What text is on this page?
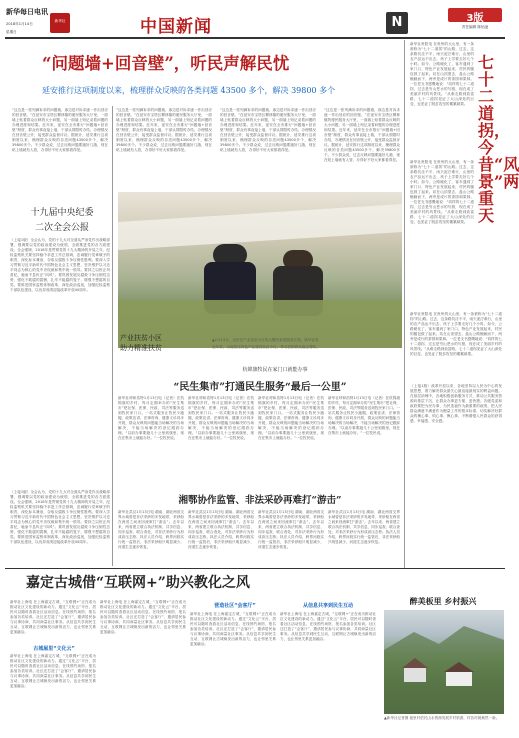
新华每日电讯
2018年1月14日
星期日
新华社	中国新闻	N	3版
责任编辑 陈怡凌
“问题墙+回音壁”，听民声解民忧
延安推行这项制度以来，梳理群众反映的各类问题 43500 多个，解决 39800 多个
“这边是一张列满诉求的问题墙，那边是对诉求逐一作出回应的回音壁。”在延安市宝塔区柳林镇的便民服务大厅里，一面墙上贴着群众反映的大小问题，另一面墙上则记录着问题的办理进度和结果。近年来，延安在全市推行“问题墙+回音壁”制度，群众有事直接上墙，干部认领限时办结，办理情况在回音壁公开，接受群众监督评议。据统计，延安推行这项制度以来，梳理群众反映的各类问题43500多个，解决39800多个。不少群众说，过去反映问题要跑好几趟，现在贴上墙就有人管，办得好不好大家都看得见。
“这边是一张列满诉求的问题墙，那边是对诉求逐一作出回应的回音壁。”在延安市宝塔区柳林镇的便民服务大厅里，一面墙上贴着群众反映的大小问题，另一面墙上则记录着问题的办理进度和结果。近年来，延安在全市推行“问题墙+回音壁”制度，群众有事直接上墙，干部认领限时办结，办理情况在回音壁公开，接受群众监督评议。据统计，延安推行这项制度以来，梳理群众反映的各类问题43500多个，解决39800多个。不少群众说，过去反映问题要跑好几趟，现在贴上墙就有人管，办得好不好大家都看得见。
“这边是一张列满诉求的问题墙，那边是对诉求逐一作出回应的回音壁。”在延安市宝塔区柳林镇的便民服务大厅里，一面墙上贴着群众反映的大小问题，另一面墙上则记录着问题的办理进度和结果。近年来，延安在全市推行“问题墙+回音壁”制度，群众有事直接上墙，干部认领限时办结，办理情况在回音壁公开，接受群众监督评议。据统计，延安推行这项制度以来，梳理群众反映的各类问题43500多个，解决39800多个。不少群众说，过去反映问题要跑好几趟，现在贴上墙就有人管，办得好不好大家都看得见。
“这边是一张列满诉求的问题墙，那边是对诉求逐一作出回应的回音壁。”在延安市宝塔区柳林镇的便民服务大厅里，一面墙上贴着群众反映的大小问题，另一面墙上则记录着问题的办理进度和结果。近年来，延安在全市推行“问题墙+回音壁”制度，群众有事直接上墙，干部认领限时办结，办理情况在回音壁公开，接受群众监督评议。据统计，延安推行这项制度以来，梳理群众反映的各类问题43500多个，解决39800多个。不少群众说，过去反映问题要跑好几趟，现在贴上墙就有人管，办得好不好大家都看得见。
十九届中央纪委
二次全会公报
（上接1版）全会认为，党的十九大对全面从严治党作出战略部署，强调要以党的政治建设为统领，全面推进党的各方面建设。全会强调，2018年是贯彻党的十九大精神的开局之年，纪检监察机关要坚持稳中求进工作总基调，忠诚履行党章赋予的职责，深化标本兼治，夺取反腐败斗争压倒性胜利。要深入学习贯彻习近平新时代中国特色社会主义思想，坚决维护以习近平同志为核心的党中央权威和集中统一领导。要持之以恒正风肃纪，驰而不息纠正“四风”。要巩固发展反腐败斗争压倒性态势，强化不敢腐的震慑，扎牢不能腐的笼子，增强不想腐的自觉。要推进国家监察体制改革，深化政治巡视，加强纪检监察干部队伍建设，以优异成绩迎接改革开放40周年。
（上接1版）全会认为，党的十九大对全面从严治党作出战略部署，强调要以党的政治建设为统领，全面推进党的各方面建设。全会强调，2018年是贯彻党的十九大精神的开局之年，纪检监察机关要坚持稳中求进工作总基调，忠诚履行党章赋予的职责，深化标本兼治，夺取反腐败斗争压倒性胜利。要深入学习贯彻习近平新时代中国特色社会主义思想，坚决维护以习近平同志为核心的党中央权威和集中统一领导。要持之以恒正风肃纪，驰而不息纠正“四风”。要巩固发展反腐败斗争压倒性态势，强化不敢腐的震慑，扎牢不能腐的笼子，增强不想腐的自觉。要推进国家监察体制改革，深化政治巡视，加强纪检监察干部队伍建设，以优异成绩迎接改革开放40周年。
产业扶贫小区
助力精准扶贫
▲1月13日，农民在产业扶贫小区的大棚内查看蔬菜长势。新华社发
近年来，当地依托特色产业建设扶贫小区，带动贫困群众稳定增收。
杭锦旗牧民在家门口就能办事
“民生集市”打通民生服务“最后一公里”
新华社呼和浩特1月13日电（记者）在杭锦旗的乡村，每月定期举办的“民生集市”把社保、医保、民政、司法等服务送到牧民家门口。一站式服务让牧民少跑腿，政策宣讲、法律咨询、健康义诊同步开展，群众反映的问题能当场解决的当场解决，不能当场解决的登记跟踪办理。“以前办事要跑几十公里到旗里，现在在集市上就能办好。”一位牧民说。
新华社呼和浩特1月13日电（记者）在杭锦旗的乡村，每月定期举办的“民生集市”把社保、医保、民政、司法等服务送到牧民家门口。一站式服务让牧民少跑腿，政策宣讲、法律咨询、健康义诊同步开展，群众反映的问题能当场解决的当场解决，不能当场解决的登记跟踪办理。“以前办事要跑几十公里到旗里，现在在集市上就能办好。”一位牧民说。
新华社呼和浩特1月13日电（记者）在杭锦旗的乡村，每月定期举办的“民生集市”把社保、医保、民政、司法等服务送到牧民家门口。一站式服务让牧民少跑腿，政策宣讲、法律咨询、健康义诊同步开展，群众反映的问题能当场解决的当场解决，不能当场解决的登记跟踪办理。“以前办事要跑几十公里到旗里，现在在集市上就能办好。”一位牧民说。
新华社呼和浩特1月13日电（记者）在杭锦旗的乡村，每月定期举办的“民生集市”把社保、医保、民政、司法等服务送到牧民家门口。一站式服务让牧民少跑腿，政策宣讲、法律咨询、健康义诊同步开展，群众反映的问题能当场解决的当场解决，不能当场解决的登记跟踪办理。“以前办事要跑几十公里到旗里，现在在集市上就能办好。”一位牧民说。
湘鄂协作监管、非法采砂再难打“游击”
新华社武汉1月13日电 湖南、湖北两省交界水域曾是非法采砂的多发地带，采砂船在两省之间来回流窜打“游击”。去年以来，两省建立联合执法机制，共享信息、同步巡查、联合查处，对非法采砂行为形成高压态势。执法人员介绍，跨界河段实行统一监管后，非法采砂船只明显减少，河道生态逐步恢复。
新华社武汉1月13日电 湖南、湖北两省交界水域曾是非法采砂的多发地带，采砂船在两省之间来回流窜打“游击”。去年以来，两省建立联合执法机制，共享信息、同步巡查、联合查处，对非法采砂行为形成高压态势。执法人员介绍，跨界河段实行统一监管后，非法采砂船只明显减少，河道生态逐步恢复。
新华社武汉1月13日电 湖南、湖北两省交界水域曾是非法采砂的多发地带，采砂船在两省之间来回流窜打“游击”。去年以来，两省建立联合执法机制，共享信息、同步巡查、联合查处，对非法采砂行为形成高压态势。执法人员介绍，跨界河段实行统一监管后，非法采砂船只明显减少，河道生态逐步恢复。
新华社武汉1月13日电 湖南、湖北两省交界水域曾是非法采砂的多发地带，采砂船在两省之间来回流窜打“游击”。去年以来，两省建立联合执法机制，共享信息、同步巡查、联合查处，对非法采砂行为形成高压态势。执法人员介绍，跨界河段实行统一监管后，非法采砂船只明显减少，河道生态逐步恢复。
七十二道拐，今昔“风景”两重天
新华社贵阳电 在贵州的大山里，有一条被称为“七十二道拐”的山路。过去，这条路坑洼不平，雨天泥泞难行，山里的农产品运不出去，孩子上学要走好几个小时。如今，公路硬化了，客车通到了家门口，特色产业发展起来，村民的腰包鼓了起来。站在山顶望去，盘山公路蜿蜒而下，两旁是成片的茶园和果林。一位老支书感慨地说：“同样的七十二道拐，过去是穷山恶水的写照，现在成了美丽乡村的风景线。”从难走路到致富路，七十二道拐见证了大山深处的巨变，也见证了脱贫攻坚的累累硕果。
新华社贵阳电 在贵州的大山里，有一条被称为“七十二道拐”的山路。过去，这条路坑洼不平，雨天泥泞难行，山里的农产品运不出去，孩子上学要走好几个小时。如今，公路硬化了，客车通到了家门口，特色产业发展起来，村民的腰包鼓了起来。站在山顶望去，盘山公路蜿蜒而下，两旁是成片的茶园和果林。一位老支书感慨地说：“同样的七十二道拐，过去是穷山恶水的写照，现在成了美丽乡村的风景线。”从难走路到致富路，七十二道拐见证了大山深处的巨变，也见证了脱贫攻坚的累累硕果。
新华社贵阳电 在贵州的大山里，有一条被称为“七十二道拐”的山路。过去，这条路坑洼不平，雨天泥泞难行，山里的农产品运不出去，孩子上学要走好几个小时。如今，公路硬化了，客车通到了家门口，特色产业发展起来，村民的腰包鼓了起来。站在山顶望去，盘山公路蜿蜒而下，两旁是成片的茶园和果林。一位老支书感慨地说：“同样的七十二道拐，过去是穷山恶水的写照，现在成了美丽乡村的风景线。”从难走路到致富路，七十二道拐见证了大山深处的巨变，也见证了脱贫攻坚的累累硕果。
（上接1版）改革开放以来，各地坚持以人民为中心的发展思想，着力解决群众最关心最直接最现实的利益问题。在基层治理中，各地积极创新服务方式，推动公共服务资源向基层下沉，让群众办事更方便、更快捷。各级党委和政府要把为民办事、为民造福作为最重要的政绩，把人民群众满意不满意作为衡量工作的根本标准，切实解决好群众的操心事、烦心事、揪心事，不断增强人民群众的获得感、幸福感、安全感。
嘉定古城借“互联网+”助兴教化之风
新华社上海电 在上海嘉定古城，“互联网+”正在成为推动社区文化建设的新动力。通过“文化云”平台，居民可以随时查看社区活动信息、在线预约场馆、报名参加各类培训。社区还打造了“会客厅”，邀请居民参与议事协商，共同商量社区事务。从信息共享到民生互动，互联网让古城焕发出新的活力，也让邻里关系更加融洽。
古城屋里“文化云”
新华社上海电 在上海嘉定古城，“互联网+”正在成为推动社区文化建设的新动力。通过“文化云”平台，居民可以随时查看社区活动信息、在线预约场馆、报名参加各类培训。社区还打造了“会客厅”，邀请居民参与议事协商，共同商量社区事务。从信息共享到民生互动，互联网让古城焕发出新的活力，也让邻里关系更加融洽。
新华社上海电 在上海嘉定古城，“互联网+”正在成为推动社区文化建设的新动力。通过“文化云”平台，居民可以随时查看社区活动信息、在线预约场馆、报名参加各类培训。社区还打造了“会客厅”，邀请居民参与议事协商，共同商量社区事务。从信息共享到民生互动，互联网让古城焕发出新的活力，也让邻里关系更加融洽。
营造社区“会客厅”
新华社上海电 在上海嘉定古城，“互联网+”正在成为推动社区文化建设的新动力。通过“文化云”平台，居民可以随时查看社区活动信息、在线预约场馆、报名参加各类培训。社区还打造了“会客厅”，邀请居民参与议事协商，共同商量社区事务。从信息共享到民生互动，互联网让古城焕发出新的活力，也让邻里关系更加融洽。
从信息共享到民生互动
新华社上海电 在上海嘉定古城，“互联网+”正在成为推动社区文化建设的新动力。通过“文化云”平台，居民可以随时查看社区活动信息、在线预约场馆、报名参加各类培训。社区还打造了“会客厅”，邀请居民参与议事协商，共同商量社区事务。从信息共享到民生互动，互联网让古城焕发出新的活力，也让邻里关系更加融洽。
醉美板里 乡村振兴
▲新华社记者摄 板里村依托山水资源发展乡村旅游，村容村貌焕然一新。
